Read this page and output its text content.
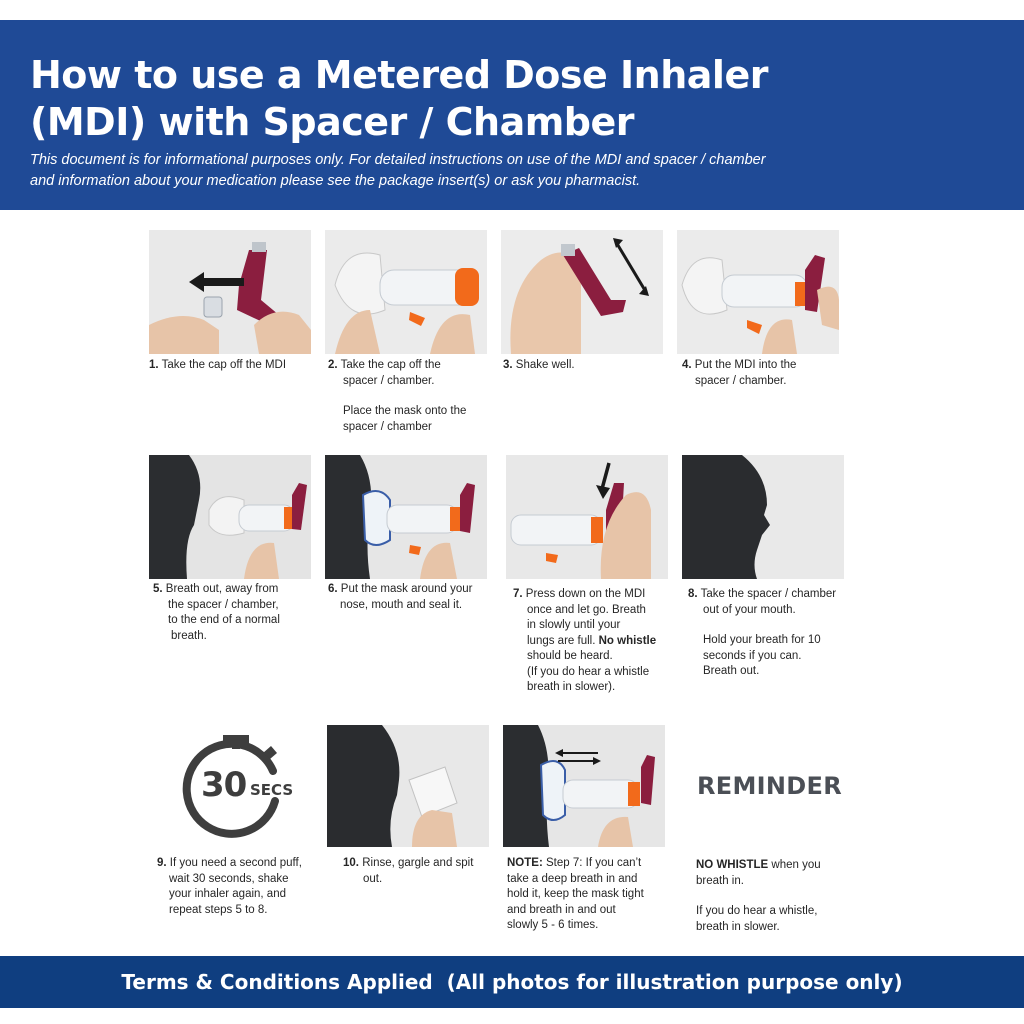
How to use a Metered Dose Inhaler
(MDI) with Spacer / Chamber

This document is for informational purposes only. For detailed instructions on use of the MDI and spacer / chamber and information about your medication please see the package insert(s) or ask you pharmacist.

1. Take the cap off the MDI	2. Take the cap off the
spacer / chamber.
Place the mask onto the
spacer / chamber
3. Shake well.	4. Put the MDI into the
spacer / chamber.
5. Breath out, away from
the spacer / chamber,
to the end of a normal
breath.
6. Put the mask around your
nose, mouth and seal it.
7. Press down on the MDI
once and let go. Breath
in slowly until your
lungs are full. No whistle
should be heard.
(If you do hear a whistle
breath in slower).
8. Take the spacer / chamber
out of your mouth.
Hold your breath for 10
seconds if you can.
Breath out.
30 SECS	REMINDER
9. If you need a second puff,
wait 30 seconds, shake
your inhaler again, and
repeat steps 5 to 8.
10. Rinse, gargle and spit
out.
NOTE: Step 7: If you can’t
take a deep breath in and
hold it, keep the mask tight
and breath in and out
slowly 5 - 6 times.
NO WHISTLE when you
breath in.
If you do hear a whistle,
breath in slower.
Terms & Conditions Applied  (All photos for illustration purpose only)
